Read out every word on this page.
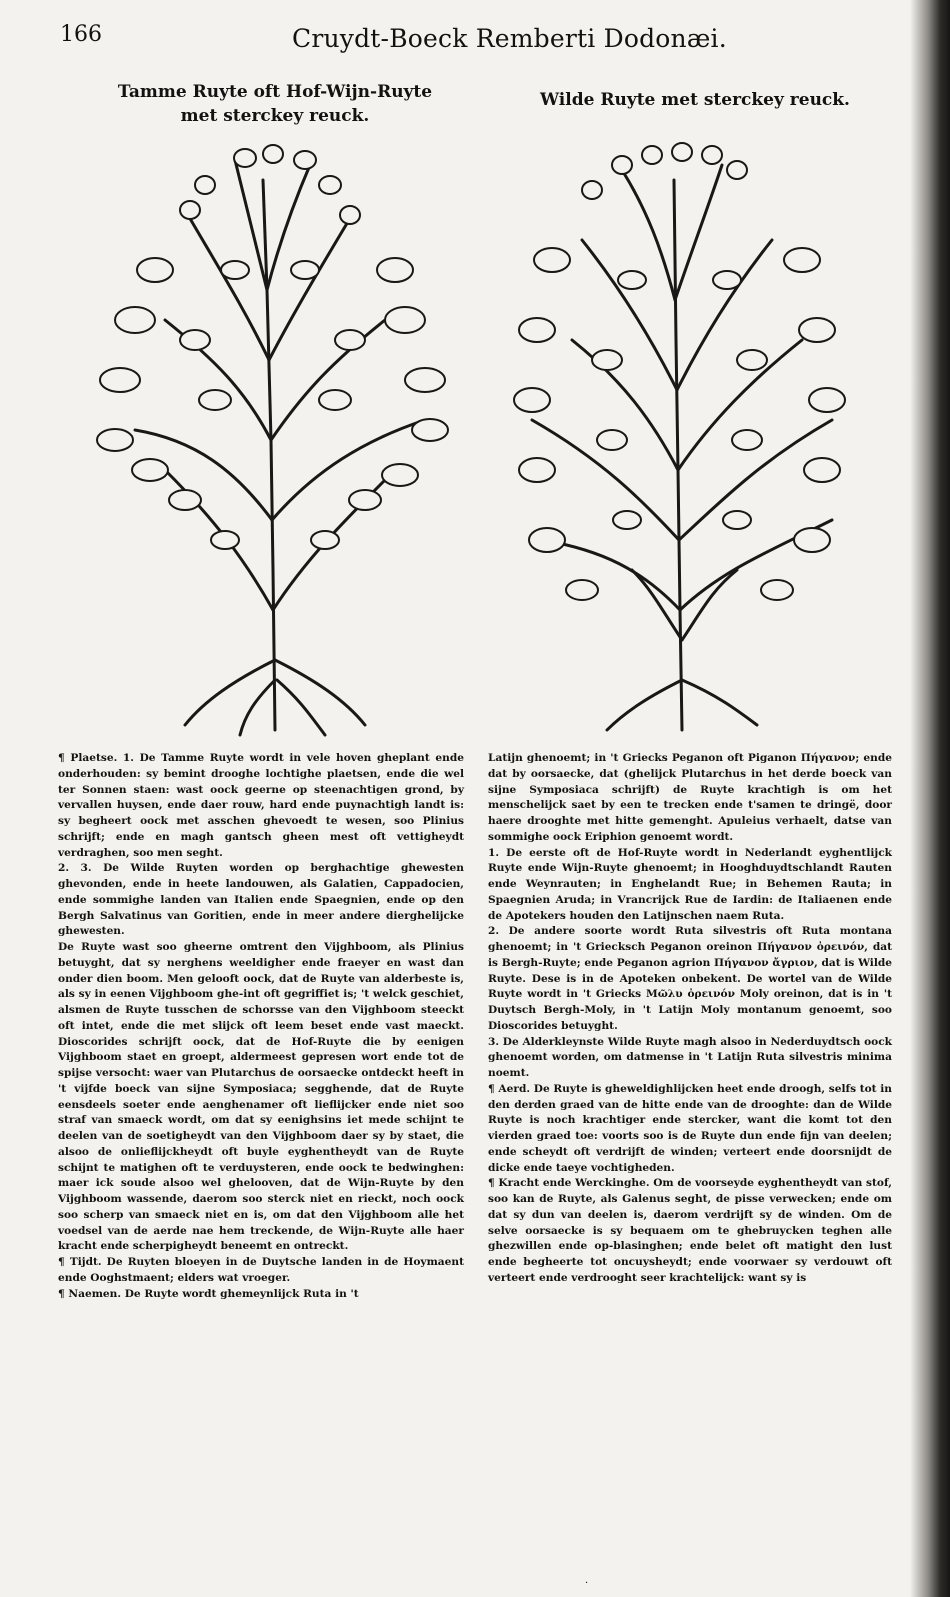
166	Cruydt-Boeck Remberti Dodonæi.
Tamme Ruyte oft Hof-Wijn-Ruyte
met sterckey reuck.
Wilde Ruyte met sterckey reuck.

¶ Plaetse. 1. De Tamme Ruyte wordt in vele hoven gheplant ende onderhouden: sy bemint drooghe lochtighe plaetsen, ende die wel ter Sonnen staen: wast oock geerne op steenachtigen grond, by vervallen huysen, ende daer rouw, hard ende puynachtigh landt is: sy begheert oock met asschen ghevoedt te wesen, soo Plinius schrijft; ende en magh gantsch gheen mest oft vettigheydt verdraghen, soo men seght.

2. 3. De Wilde Ruyten worden op berghachtige ghewesten ghevonden, ende in heete landouwen, als Galatien, Cappadocien, ende sommighe landen van Italien ende Spaegnien, ende op den Bergh Salvatinus van Goritien, ende in meer andere dierghelijcke ghewesten.

De Ruyte wast soo gheerne omtrent den Vijghboom, als Plinius betuyght, dat sy nerghens weeldigher ende fraeyer en wast dan onder dien boom. Men gelooft oock, dat de Ruyte van alderbeste is, als sy in eenen Vijghboom ghe-int oft gegriffiet is; 't welck geschiet, alsmen de Ruyte tusschen de schorsse van den Vijghboom steeckt oft intet, ende die met slijck oft leem beset ende vast maeckt. Dioscorides schrijft oock, dat de Hof-Ruyte die by eenigen Vijghboom staet en groept, aldermeest gepresen wort ende tot de spijse versocht: waer van Plutarchus de oorsaecke ontdeckt heeft in 't vijfde boeck van sijne Symposiaca; segghende, dat de Ruyte eensdeels soeter ende aenghenamer oft lieflijcker ende niet soo straf van smaeck wordt, om dat sy eenighsins iet mede schijnt te deelen van de soetigheydt van den Vijghboom daer sy by staet, die alsoo de onlieflijckheydt oft buyle eyghentheydt van de Ruyte schijnt te matighen oft te verduysteren, ende oock te bedwinghen: maer ick soude alsoo wel ghelooven, dat de Wijn-Ruyte by den Vijghboom wassende, daerom soo sterck niet en rieckt, noch oock soo scherp van smaeck niet en is, om dat den Vijghboom alle het voedsel van de aerde nae hem treckende, de Wijn-Ruyte alle haer kracht ende scherpigheydt beneemt en ontreckt.

¶ Tijdt. De Ruyten bloeyen in de Duytsche landen in de Hoymaent ende Ooghstmaent; elders wat vroeger.

¶ Naemen. De Ruyte wordt ghemeynlijck Ruta in 't

Latijn ghenoemt; in 't Griecks Peganon oft Piganon Πήγανον; ende dat by oorsaecke, dat (ghelijck Plutarchus in het derde boeck van sijne Symposiaca schrijft) de Ruyte krachtigh is om het menschelijck saet by een te trecken ende t'samen te dringë, door haere drooghte met hitte gemenght. Apuleius verhaelt, datse van sommighe oock Eriphion genoemt wordt.

1. De eerste oft de Hof-Ruyte wordt in Nederlandt eyghentlijck Ruyte ende Wijn-Ruyte ghenoemt; in Hooghduydtschlandt Rauten ende Weynrauten; in Enghelandt Rue; in Behemen Rauta; in Spaegnien Aruda; in Vrancrijck Rue de Iardin: de Italiaenen ende de Apotekers houden den Latijnschen naem Ruta.

2. De andere soorte wordt Ruta silvestris oft Ruta montana ghenoemt; in 't Griecksch Peganon oreinon Πήγανον ὀρεινόν, dat is Bergh-Ruyte; ende Peganon agrion Πήγανον ἄγριον, dat is Wilde Ruyte. Dese is in de Apoteken onbekent. De wortel van de Wilde Ruyte wordt in 't Griecks Μῶλυ ὀρεινόν Moly oreinon, dat is in 't Duytsch Bergh-Moly, in 't Latijn Moly montanum genoemt, soo Dioscorides betuyght.

3. De Alderkleynste Wilde Ruyte magh alsoo in Nederduydtsch oock ghenoemt worden, om datmense in 't Latijn Ruta silvestris minima noemt.

¶ Aerd. De Ruyte is gheweldighlijcken heet ende droogh, selfs tot in den derden graed van de hitte ende van de drooghte: dan de Wilde Ruyte is noch krachtiger ende stercker, want die komt tot den vierden graed toe: voorts soo is de Ruyte dun ende fijn van deelen; ende scheydt oft verdrijft de winden; verteert ende doorsnijdt de dicke ende taeye vochtigheden.

¶ Kracht ende Werckinghe. Om de voorseyde eyghentheydt van stof, soo kan de Ruyte, als Galenus seght, de pisse verwecken; ende om dat sy dun van deelen is, daerom verdrijft sy de winden. Om de selve oorsaecke is sy bequaem om te ghebruycken teghen alle ghezwillen ende op-blasinghen; ende belet oft matight den lust ende begheerte tot oncuysheydt; ende voorwaer sy verdouwt oft verteert ende verdrooght seer krachtelijck: want sy is

·
